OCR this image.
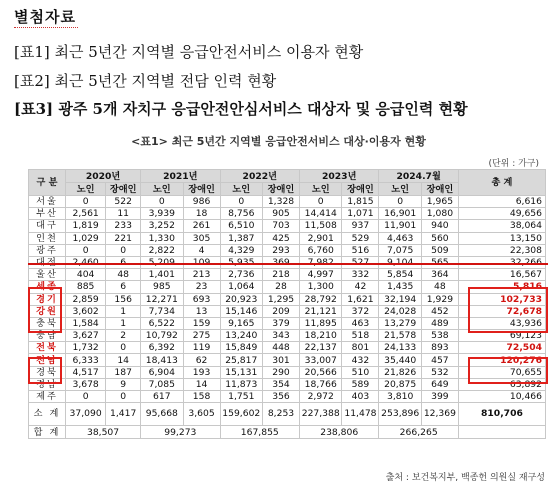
별첨자료
[표1] 최근 5년간 지역별 응급안전서비스 이용자 현황
[표2] 최근 5년간 지역별 전담 인력 현황
[표3] 광주 5개 자치구 응급안전안심서비스 대상자 및 응급인력 현황
<표1> 최근 5년간 지역별 응급안전서비스 대상·이용자 현황
(단위 : 가구)
구 분	2020년		2021년		2022년		2023년		2024.7월		총 계
	노인	장애인	노인	장애인	노인	장애인	노인	장애인	노인	장애인	
서울	0	522	0	986	0	1,328	0	1,815	0	1,965	6,616
부산	2,561	11	3,939	18	8,756	905	14,414	1,071	16,901	1,080	49,656
대구	1,819	233	3,252	261	6,510	703	11,508	937	11,901	940	38,064
인천	1,029	221	1,330	305	1,387	425	2,901	529	4,463	560	13,150
광주	0	0	2,822	4	4,329	293	6,760	516	7,075	509	22,308
대전	2,460	6	5,209	109	5,935	369	7,982	527	9,104	565	32,266
울산	404	48	1,401	213	2,736	218	4,997	332	5,854	364	16,567
세종	885	6	985	23	1,064	28	1,300	42	1,435	48	5,816
경기	2,859	156	12,271	693	20,923	1,295	28,792	1,621	32,194	1,929	102,733
강원	3,602	1	7,734	13	15,146	209	21,121	372	24,028	452	72,678
충북	1,584	1	6,522	159	9,165	379	11,895	463	13,279	489	43,936
충남	3,627	2	10,792	275	13,240	343	18,210	518	21,578	538	69,123
전북	1,732	0	6,392	119	15,849	448	22,137	801	24,133	893	72,504
전남	6,333	14	18,413	62	25,817	301	33,007	432	35,440	457	120,276
경북	4,517	187	6,904	193	15,131	290	20,566	510	21,826	532	70,655
경남	3,678	9	7,085	14	11,873	354	18,766	589	20,875	649	63,892
제주	0	0	617	158	1,751	356	2,972	403	3,810	399	10,466
소 계	37,090	1,417	95,668	3,605	159,602	8,253	227,388	11,478	253,896	12,369	810,706
합 계	38,507		99,273		167,855		238,806		266,265		
출처 : 보건복지부, 백종헌 의원실 재구성
